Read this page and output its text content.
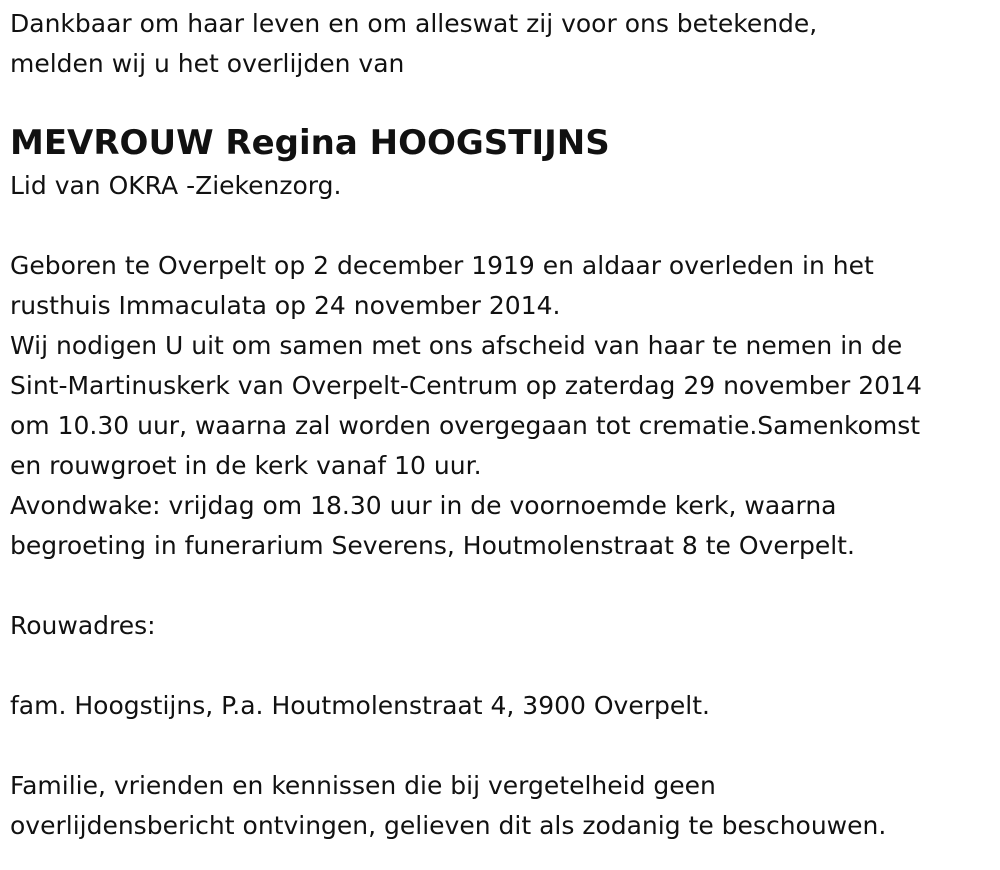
Dankbaar om haar leven en om alleswat zij voor ons betekende,
melden wij u het overlijden van
MEVROUW Regina HOOGSTIJNS
Lid van OKRA -Ziekenzorg.
Geboren te Overpelt op 2 december 1919 en aldaar overleden in het
rusthuis Immaculata op 24 november 2014.
Wij nodigen U uit om samen met ons afscheid van haar te nemen in de
Sint-Martinuskerk van Overpelt-Centrum op zaterdag 29 november 2014
om 10.30 uur, waarna zal worden overgegaan tot crematie.Samenkomst
en rouwgroet in de kerk vanaf 10 uur.
Avondwake: vrijdag om 18.30 uur in de voornoemde kerk, waarna
begroeting in funerarium Severens, Houtmolenstraat 8 te Overpelt.
Rouwadres:
fam. Hoogstijns, P.a. Houtmolenstraat 4, 3900 Overpelt.
Familie, vrienden en kennissen die bij vergetelheid geen
overlijdensbericht ontvingen, gelieven dit als zodanig te beschouwen.
